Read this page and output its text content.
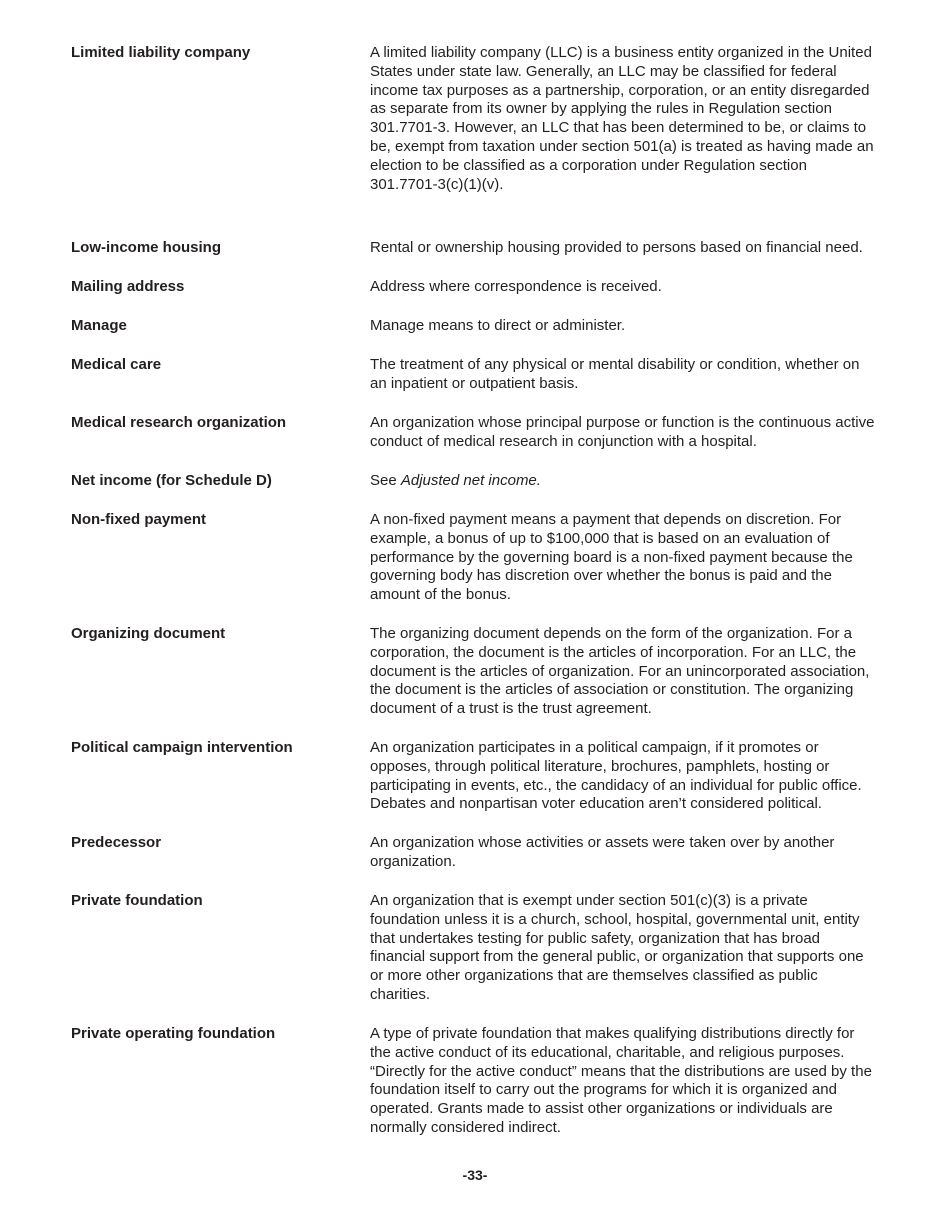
Limited liability company	A limited liability company (LLC) is a business entity organized in the United States under state law. Generally, an LLC may be classified for federal income tax purposes as a partnership, corporation, or an entity disregarded as separate from its owner by applying the rules in Regulation section 301.7701-3. However, an LLC that has been determined to be, or claims to be, exempt from taxation under section 501(a) is treated as having made an election to be classified as a corporation under Regulation section 301.7701-3(c)(1)(v).
Low-income housing	Rental or ownership housing provided to persons based on financial need.
Mailing address	Address where correspondence is received.
Manage	Manage means to direct or administer.
Medical care	The treatment of any physical or mental disability or condition, whether on an inpatient or outpatient basis.
Medical research organization	An organization whose principal purpose or function is the continuous active conduct of medical research in conjunction with a hospital.
Net income (for Schedule D)	See Adjusted net income.
Non-fixed payment	A non-fixed payment means a payment that depends on discretion. For example, a bonus of up to $100,000 that is based on an evaluation of performance by the governing board is a non-fixed payment because the governing body has discretion over whether the bonus is paid and the amount of the bonus.
Organizing document	The organizing document depends on the form of the organization. For a corporation, the document is the articles of incorporation. For an LLC, the document is the articles of organization. For an unincorporated association, the document is the articles of association or constitution. The organizing document of a trust is the trust agreement.
Political campaign intervention	An organization participates in a political campaign, if it promotes or opposes, through political literature, brochures, pamphlets, hosting or participating in events, etc., the candidacy of an individual for public office. Debates and nonpartisan voter education aren’t considered political.
Predecessor	An organization whose activities or assets were taken over by another organization.
Private foundation	An organization that is exempt under section 501(c)(3) is a private foundation unless it is a church, school, hospital, governmental unit, entity that undertakes testing for public safety, organization that has broad financial support from the general public, or organization that supports one or more other organizations that are themselves classified as public charities.
Private operating foundation	A type of private foundation that makes qualifying distributions directly for the active conduct of its educational, charitable, and religious purposes. “Directly for the active conduct” means that the distributions are used by the foundation itself to carry out the programs for which it is organized and operated. Grants made to assist other organizations or individuals are normally considered indirect.
-33-
